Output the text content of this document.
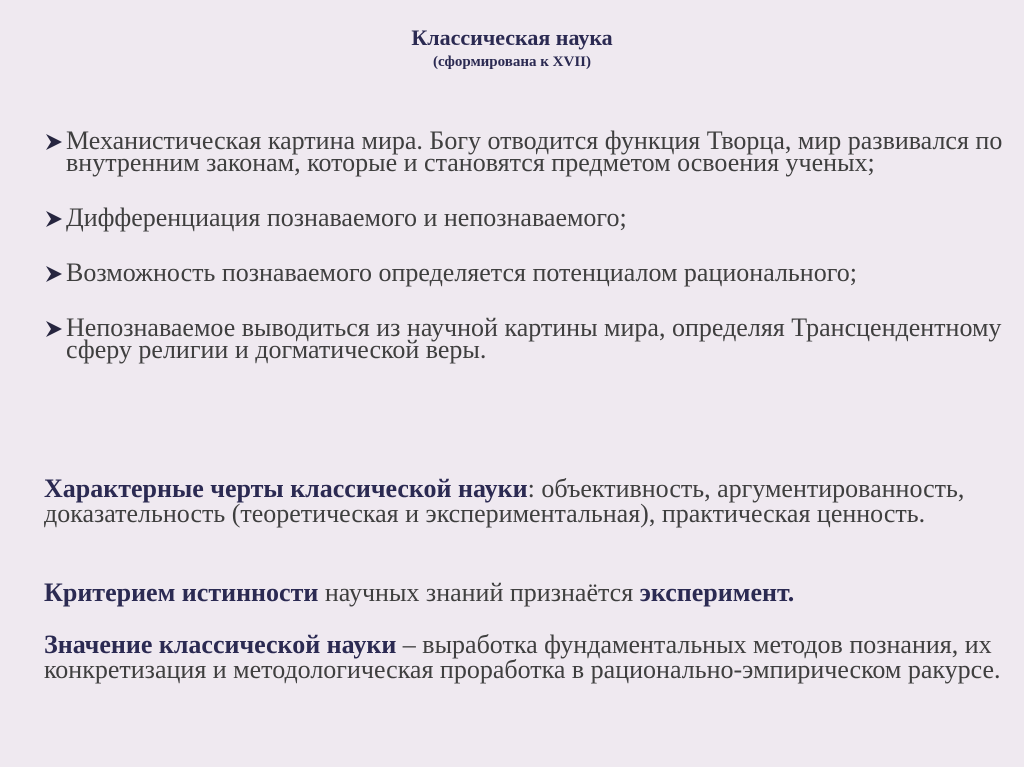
Классическая наука

(сформирована к XVII)

Механистическая картина мира. Богу отводится функция Творца, мир развивался по внутренним законам, которые и становятся предметом освоения ученых;
Дифференциация познаваемого и непознаваемого;
Возможность познаваемого определяется потенциалом рационального;
Непознаваемое выводиться из научной картины мира, определяя Трансцендентному сферу религии и догматической веры.
Характерные черты классической науки: объективность, аргументированность, доказательность (теоретическая и экспериментальная), практическая ценность.
Критерием истинности научных знаний признаётся эксперимент.
Значение классической науки – выработка фундаментальных методов познания, их конкретизация и методологическая проработка в рационально-эмпирическом ракурсе.
